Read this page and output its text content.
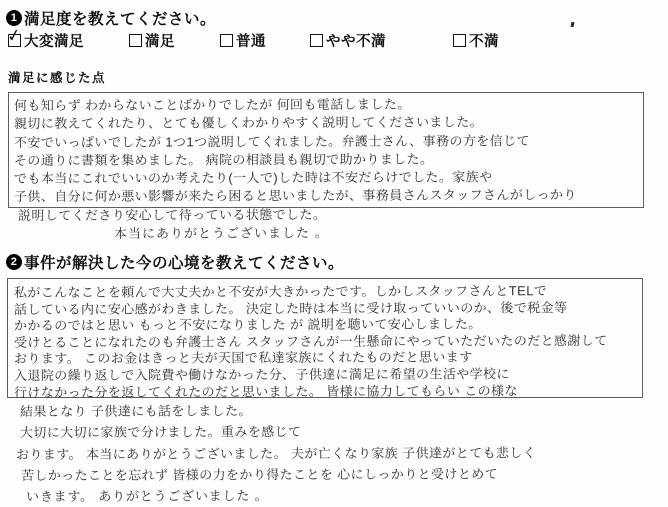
1 満足度を教えてください。
✓ 大変満足	満足	普通	やや不満	不満
満足に感じた点
何も知らず わからないことばかりでしたが 何回も電話しました。
親切に教えてくれたり、とても優しくわかりやすく説明してくださいました。
不安でいっぱいでしたが 1つ1つ説明してくれました。弁護士さん、事務の方を信じて
その通りに書類を集めました。 病院の相談員も親切で助かりました。
でも本当にこれでいいのか考えたり(一人で)した時は不安だらけでした。家族や
子供、自分に何か悪い影響が来たら困ると思いましたが、事務員さんスタッフさんがしっかり
説明してくださり安心して待っている状態でした。
本当にありがとうございました 。
2 事件が解決した今の心境を教えてください。
私がこんなことを頼んで大丈夫かと不安が大きかったです。しかしスタッフさんとTELで
話している内に安心感がわきました。 決定した時は本当に受け取っていいのか、後で税金等
かかるのではと思い もっと不安になりました が 説明を聴いて安心しました。
受けとることになれたのも弁護士さん スタッフさんが一生懸命にやっていただいたのだと感謝して
おります。 このお金はきっと夫が天国で私達家族にくれたものだと思います
入退院の繰り返しで入院費や働けなかった分、子供達に満足に希望の生活や学校に
行けなかった分を返してくれたのだと思いました。 皆様に協力してもらい この様な
結果となり 子供達にも話をしました。
大切に大切に家族で分けました。重みを感じて
おります。 本当にありがとうございました。 夫が亡くなり家族 子供達がとても悲しく
苦しかったことを忘れず 皆様の力をかり得たことを 心にしっかりと受けとめて
いきます。 ありがとうございました 。
